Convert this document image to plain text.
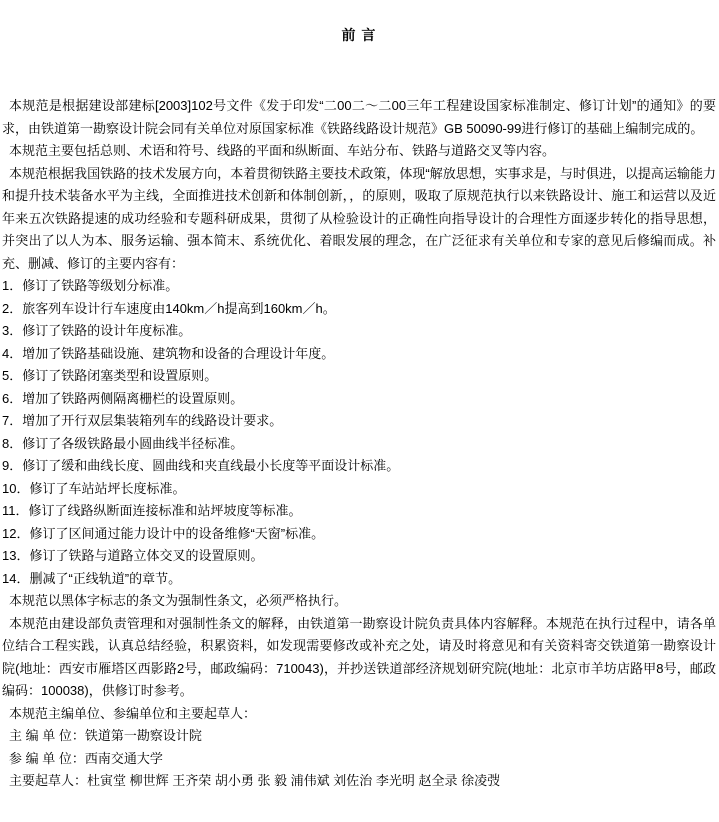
前 言

本规范是根据建设部建标[2003]102号文件《发于印发“二00二～二00三年工程建设国家标准制定、修订计划”的通知》的要求，由铁道第一勘察设计院会同有关单位对原国家标准《铁路线路设计规范》GB 50090-99进行修订的基础上编制完成的。

本规范主要包括总则、术语和符号、线路的平面和纵断面、车站分布、铁路与道路交叉等内容。

本规范根据我国铁路的技术发展方向，本着贯彻铁路主要技术政策，体现“解放思想，实事求是，与时俱进，以提高运输能力和提升技术装备水平为主线，全面推进技术创新和体制创新，，的原则，吸取了原规范执行以来铁路设计、施工和运营以及近年来五次铁路提速的成功经验和专题科研成果，贯彻了从检验设计的正确性向指导设计的合理性方面逐步转化的指导思想，并突出了以人为本、服务运输、强本简末、系统优化、着眼发展的理念，在广泛征求有关单位和专家的意见后修编而成。补充、删减、修订的主要内容有：

1．修订了铁路等级划分标准。

2．旅客列车设计行车速度由140km／h提高到160km／h。

3．修订了铁路的设计年度标准。

4．增加了铁路基础设施、建筑物和设备的合理设计年度。

5．修订了铁路闭塞类型和设置原则。

6．增加了铁路两侧隔离栅栏的设置原则。

7．增加了开行双层集装箱列车的线路设计要求。

8．修订了各级铁路最小圆曲线半径标准。

9．修订了缓和曲线长度、圆曲线和夹直线最小长度等平面设计标准。

10．修订了车站站坪长度标准。

11．修订了线路纵断面连接标准和站坪坡度等标准。

12．修订了区间通过能力设计中的设备维修“天窗”标准。

13．修订了铁路与道路立体交叉的设置原则。

14．删减了“正线轨道”的章节。

本规范以黑体字标志的条文为强制性条文，必须严格执行。

本规范由建设部负责管理和对强制性条文的解释，由铁道第一勘察设计院负责具体内容解释。本规范在执行过程中，请各单位结合工程实践，认真总结经验，积累资料，如发现需要修改或补充之处，请及时将意见和有关资料寄交铁道第一勘察设计院(地址：西安市雁塔区西影路2号，邮政编码：710043)，并抄送铁道部经济规划研究院(地址：北京市羊坊店路甲8号，邮政编码：100038)，供修订时参考。

本规范主编单位、参编单位和主要起草人：

主 编 单 位：铁道第一勘察设计院

参 编 单 位：西南交通大学

主要起草人：杜寅堂 柳世辉 王齐荣 胡小勇 张 毅 浦伟斌 刘佐治 李光明 赵全录 徐凌弢
